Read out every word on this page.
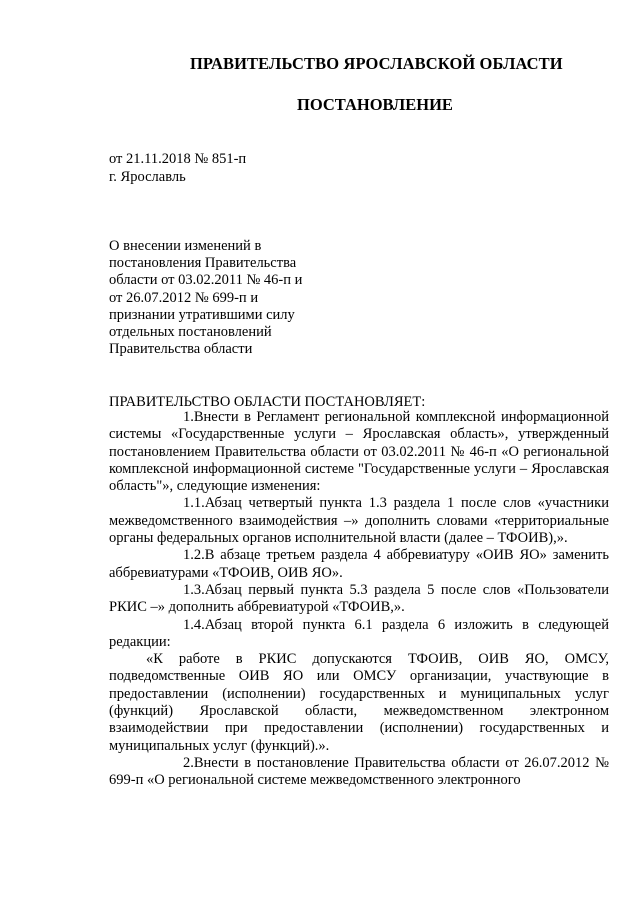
ПРАВИТЕЛЬСТВО ЯРОСЛАВСКОЙ ОБЛАСТИ
ПОСТАНОВЛЕНИЕ
от 21.11.2018 № 851-п
г. Ярославль
О внесении изменений в
постановления Правительства
области от 03.02.2011 № 46-п и
от 26.07.2012 № 699-п и
признании утратившими силу
отдельных постановлений
Правительства области
ПРАВИТЕЛЬСТВО ОБЛАСТИ ПОСТАНОВЛЯЕТ:

1.Внести в Регламент региональной комплексной информационной системы «Государственные услуги – Ярославская область», утвержденный постановлением Правительства области от 03.02.2011 № 46-п «О региональной комплексной информационной системе "Государственные услуги – Ярославская область"», следующие изменения:

1.1.Абзац четвертый пункта 1.3 раздела 1 после слов «участники межведомственного взаимодействия –» дополнить словами «территориальные органы федеральных органов исполнительной власти (далее – ТФОИВ),».

1.2.В абзаце третьем раздела 4 аббревиатуру «ОИВ ЯО» заменить аббревиатурами «ТФОИВ, ОИВ ЯО».

1.3.Абзац первый пункта 5.3 раздела 5 после слов «Пользователи РКИС –» дополнить аббревиатурой «ТФОИВ,».

1.4.Абзац второй пункта 6.1 раздела 6 изложить в следующей редакции:

«К работе в РКИС допускаются ТФОИВ, ОИВ ЯО, ОМСУ, подведомственные ОИВ ЯО или ОМСУ организации, участвующие в предоставлении (исполнении) государственных и муниципальных услуг (функций) Ярославской области, межведомственном электронном взаимодействии при предоставлении (исполнении) государственных и муниципальных услуг (функций).».

2.Внести в постановление Правительства области от 26.07.2012 № 699-п «О региональной системе межведомственного электронного
